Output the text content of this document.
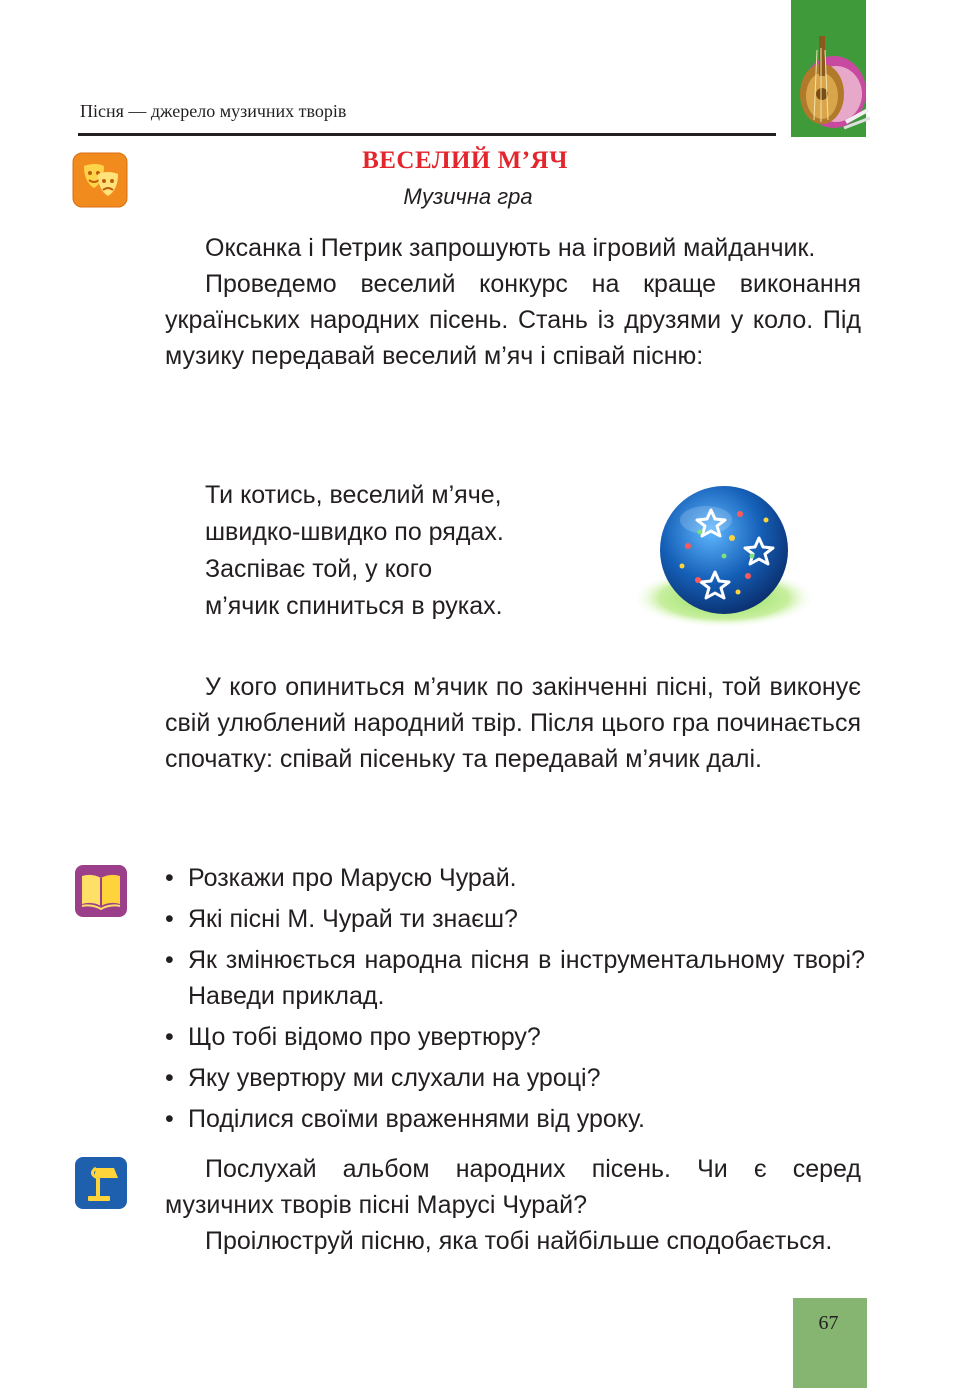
Пісня — джерело музичних творів
ВЕСЕЛИЙ М’ЯЧ
Музична гра

Оксанка і Петрик запрошують на ігровий майданчик.

Проведемо веселий конкурс на краще виконання українських народних пісень. Стань із друзями у коло. Під музику передавай веселий м’яч і співай пісню:

Ти котись, веселий м’яче,
швидко-швидко по рядах.
Заспіває той, у кого
м’ячик спиниться в руках.

У кого опиниться м’ячик по закінченні пісні, той виконує свій улюблений народний твір. Після цього гра починається спочатку: співай пісеньку та передавай м’ячик далі.

• Розкажи про Марусю Чурай.
• Які пісні М. Чурай ти знаєш?
• Як змінюється народна пісня в інструментальному творі? Наведи приклад.
• Що тобі відомо про увертюру?
• Яку увертюру ми слухали на уроці?
• Поділися своїми враженнями від уроку.

Послухай альбом народних пісень. Чи є серед музичних творів пісні Марусі Чурай?

Проілюструй пісню, яка тобі найбільше сподобається.

67
